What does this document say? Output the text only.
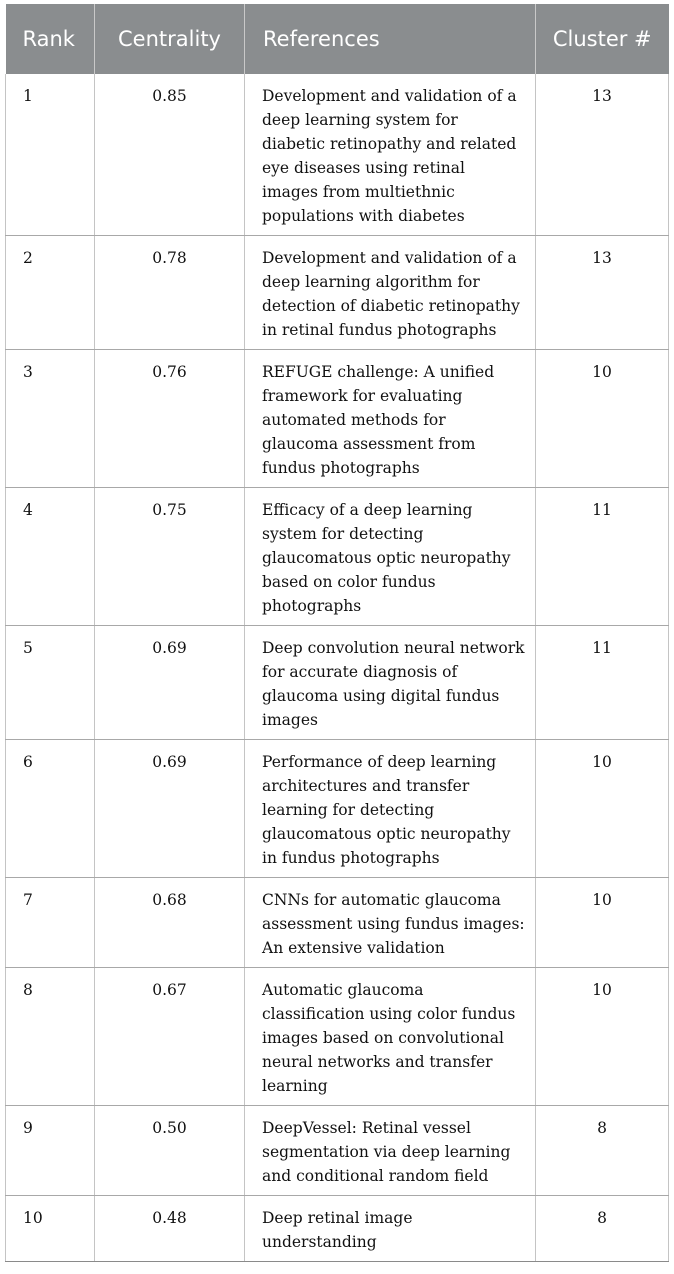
Rank	Centrality	References	Cluster #
1	0.85	Development and validation of a deep learning system for diabetic retinopathy and related eye diseases using retinal images from multiethnic populations with diabetes	13
2	0.78	Development and validation of a deep learning algorithm for detection of diabetic retinopathy in retinal fundus photographs	13
3	0.76	REFUGE challenge: A unified framework for evaluating automated methods for glaucoma assessment from fundus photographs	10
4	0.75	Efficacy of a deep learning system for detecting glaucomatous optic neuropathy based on color fundus photographs	11
5	0.69	Deep convolution neural network for accurate diagnosis of glaucoma using digital fundus images	11
6	0.69	Performance of deep learning architectures and transfer learning for detecting glaucomatous optic neuropathy in fundus photographs	10
7	0.68	CNNs for automatic glaucoma assessment using fundus images: An extensive validation	10
8	0.67	Automatic glaucoma classification using color fundus images based on convolutional neural networks and transfer learning	10
9	0.50	DeepVessel: Retinal vessel segmentation via deep learning and conditional random field	8
10	0.48	Deep retinal image understanding	8
